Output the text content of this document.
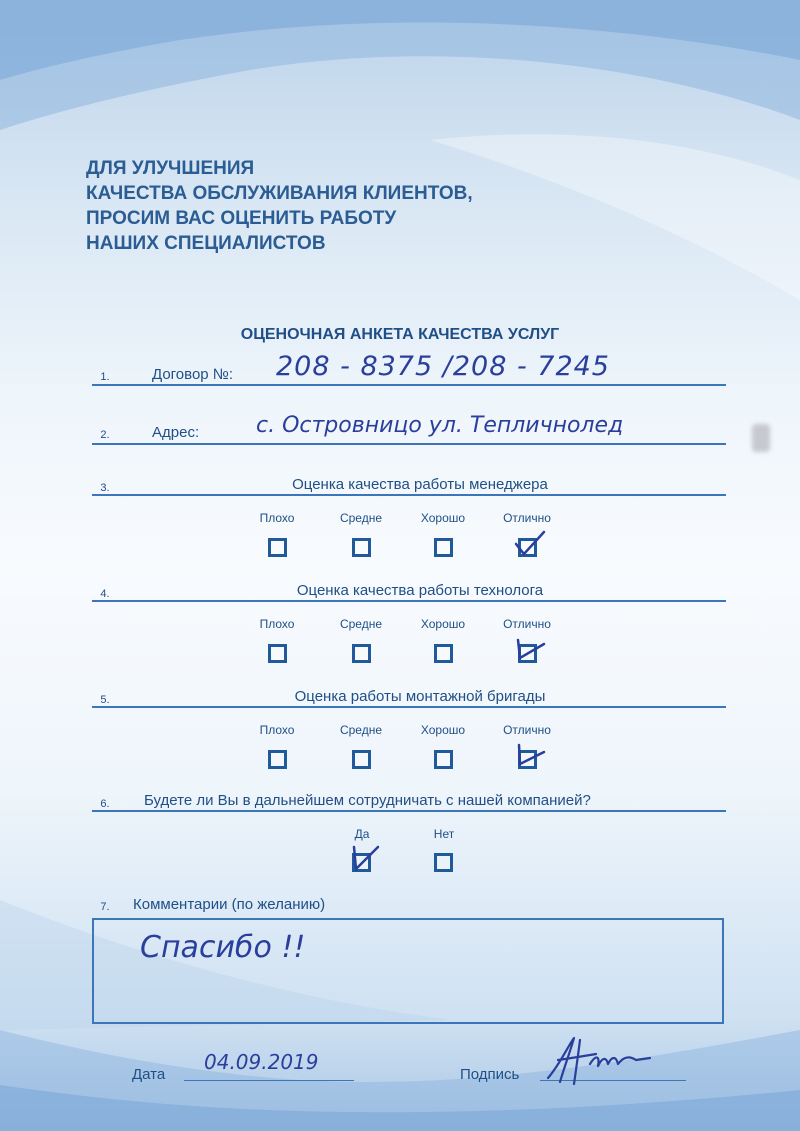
ДЛЯ УЛУЧШЕНИЯ
КАЧЕСТВА ОБСЛУЖИВАНИЯ КЛИЕНТОВ,
ПРОСИМ ВАС ОЦЕНИТЬ РАБОТУ
НАШИХ СПЕЦИАЛИСТОВ
ОЦЕНОЧНАЯ АНКЕТА КАЧЕСТВА УСЛУГ
1.	Договор №: 208 - 8375 /208 - 7245
2.	Адрес:	с. Островницо ул. Тепличнолед
3.	Оценка качества работы менеджера
Плохо	Средне	Хорошо	Отлично
4.	Оценка качества работы технолога
Плохо	Средне	Хорошо	Отлично
5.	Оценка работы монтажной бригады
Плохо	Средне	Хорошо	Отлично
6.	Будете ли Вы в дальнейшем сотрудничать с нашей компанией?
Да	Нет
7.	Комментарии (по желанию)
Спасибо !!
Дата
04.09.2019
Подпись
